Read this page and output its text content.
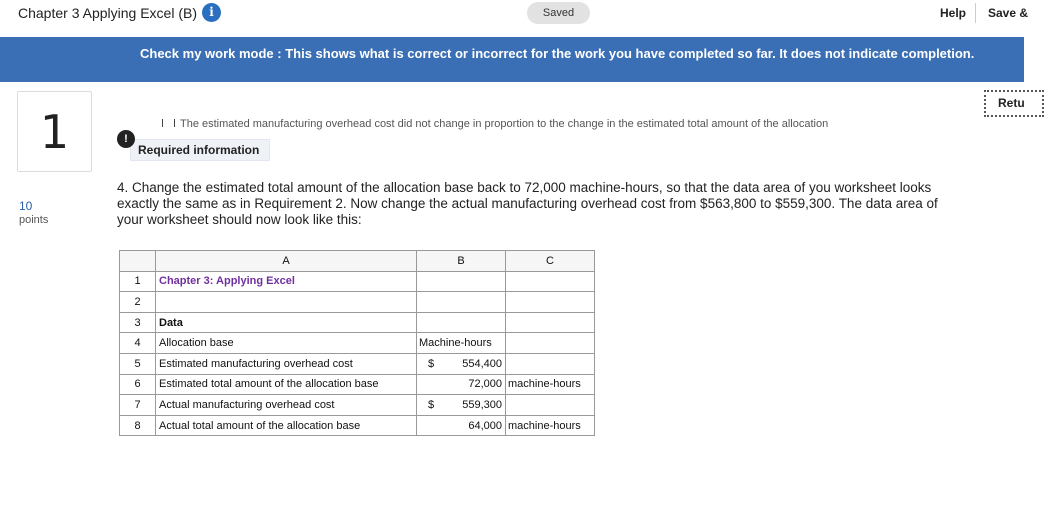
Chapter 3 Applying Excel (B)	i	Saved	Help Save &
Check my work mode : This shows what is correct or incorrect for the work you have completed so far. It does not indicate completion.
1
10
points
Retu
The estimated manufacturing overhead cost did not change in proportion to the change in the estimated total amount of the allocation
Required information
!
4. Change the estimated total amount of the allocation base back to 72,000 machine-hours, so that the data area of you worksheet looks exactly the same as in Requirement 2. Now change the actual manufacturing overhead cost from $563,800 to $559,300. The data area of your worksheet should now look like this:
	A	B	C
1	Chapter 3: Applying Excel		
2			
3	Data		
4	Allocation base	Machine-hours	
5	Estimated manufacturing overhead cost	$ 554,400	

6	Estimated total amount of the allocation base	72,000	machine-hours
7	Actual manufacturing overhead cost	$ 559,300	

8	Actual total amount of the allocation base	64,000	machine-hours
